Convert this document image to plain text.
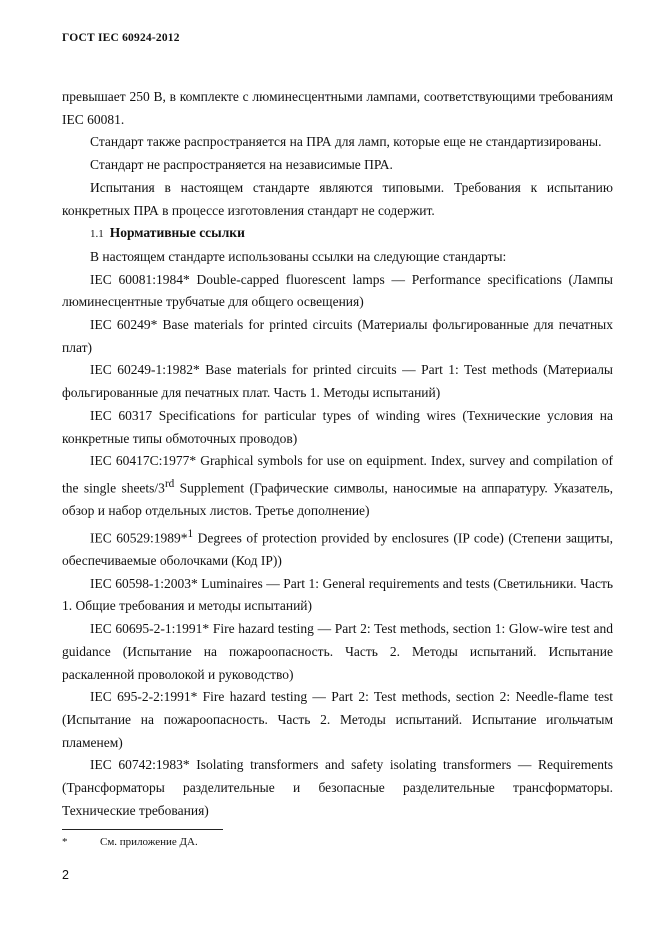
ГОСТ IEC 60924-2012

превышает 250 В, в комплекте с люминесцентными лампами, соответствующими требованиям IEC 60081.

Стандарт также распространяется на ПРА для ламп, которые еще не стандартизированы.

Стандарт не распространяется на независимые ПРА.

Испытания в настоящем стандарте являются типовыми. Требования к испытанию конкретных ПРА в процессе изготовления стандарт не содержит.

1.1 Нормативные ссылки

В настоящем стандарте использованы ссылки на следующие стандарты:

IEC 60081:1984* Double-capped fluorescent lamps — Performance specifications (Лампы люминесцентные трубчатые для общего освещения)

IEC 60249* Base materials for printed circuits (Материалы фольгированные для печатных плат)

IEC 60249-1:1982* Base materials for printed circuits — Part 1: Test methods (Материалы фольгированные для печатных плат. Часть 1. Методы испытаний)

IEC 60317 Specifications for particular types of winding wires (Технические условия на конкретные типы обмоточных проводов)

IEC 60417C:1977* Graphical symbols for use on equipment. Index, survey and compilation of the single sheets/3rd Supplement (Графические символы, наносимые на аппаратуру. Указатель, обзор и набор отдельных листов. Третье дополнение)

IEC 60529:1989*$^1$ Degrees of protection provided by enclosures (IP code) (Степени защиты, обеспечиваемые оболочками (Код IP))

IEC 60598-1:2003* Luminaires — Part 1: General requirements and tests (Светильники. Часть 1. Общие требования и методы испытаний)

IEC 60695-2-1:1991* Fire hazard testing — Part 2: Test methods, section 1: Glow-wire test and guidance (Испытание на пожароопасность. Часть 2. Методы испытаний. Испытание раскаленной проволокой и руководство)

IEC 695-2-2:1991* Fire hazard testing — Part 2: Test methods, section 2: Needle-flame test (Испытание на пожароопасность. Часть 2. Методы испытаний. Испытание игольчатым пламенем)

IEC 60742:1983* Isolating transformers and safety isolating transformers — Requirements (Трансформаторы разделительные и безопасные разделительные трансформаторы. Технические требования)

*	См. приложение ДА.
2
